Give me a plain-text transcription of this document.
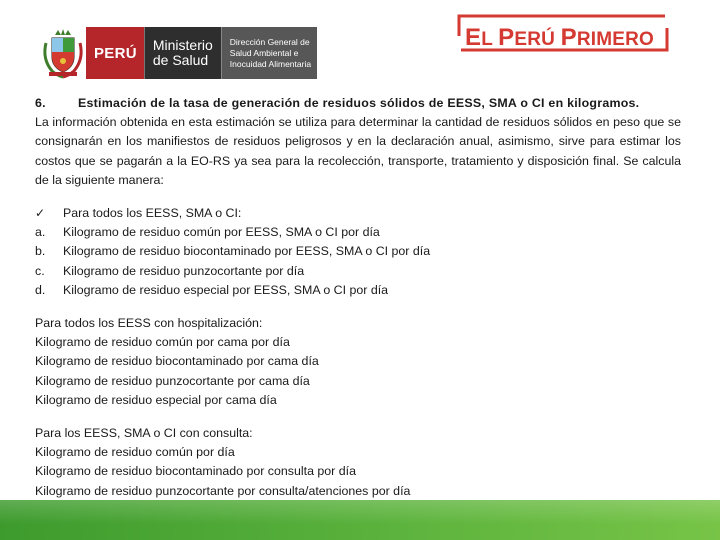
PERÚ	Ministerio
de Salud
Dirección General de
Salud Ambiental e
Inocuidad Alimentaria
EL PERÚ PRIMERO
6.	Estimación de la tasa de generación de residuos sólidos de EESS, SMA o CI en kilogramos.

La información obtenida en esta estimación se utiliza para determinar la cantidad de residuos sólidos en peso que se consignarán en los manifiestos de residuos peligrosos y en la declaración anual, asimismo, sirve para estimar los costos que se pagarán a la EO-RS ya sea para la recolección, transporte, tratamiento y disposición final. Se calcula de la siguiente manera:

✓	Para todos los EESS, SMA o CI:
a.	Kilogramo de residuo común por EESS, SMA o CI por día
b.	Kilogramo de residuo biocontaminado por EESS, SMA o CI por día
c.	Kilogramo de residuo punzocortante por día
d.	Kilogramo de residuo especial por EESS, SMA o CI por día
Para todos los EESS con hospitalización:
Kilogramo de residuo común por cama por día
Kilogramo de residuo biocontaminado por cama día
Kilogramo de residuo punzocortante por cama día
Kilogramo de residuo especial por cama día
Para los EESS, SMA o CI con consulta:
Kilogramo de residuo común por día
Kilogramo de residuo biocontaminado por consulta por día
Kilogramo de residuo punzocortante por consulta/atenciones por día
